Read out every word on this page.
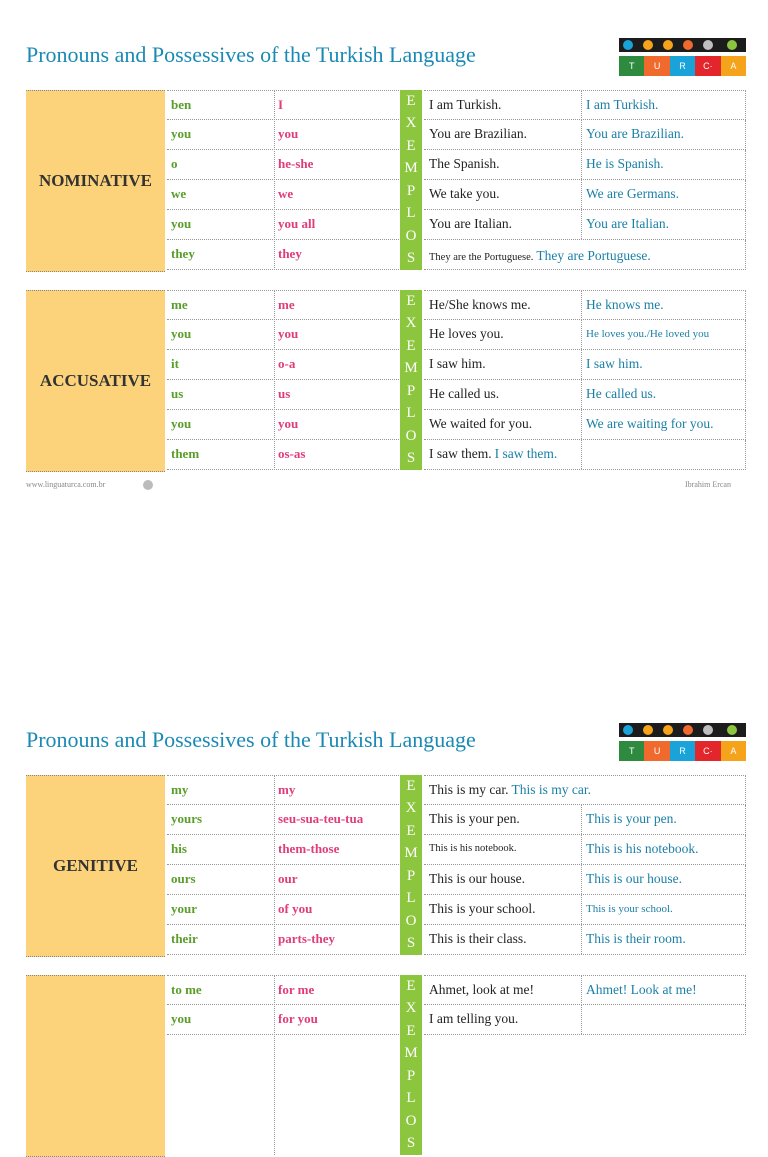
Pronouns and Possessives of the Turkish Language	T	U	R	C·	A
NOMINATIVE
ben	I
you	you
o	he-she
we	we
you	you all
they	they
E
X
E
M
P
L
O
S
I am Turkish.	I am Turkish.
You are Brazilian.	You are Brazilian.
The Spanish.	He is Spanish.
We take you.	We are Germans.
You are Italian.	You are Italian.
They are the Portuguese. They are Portuguese.
ACCUSATIVE
me	me
you	you
it	o-a
us	us
you	you
them	os-as
E
X
E
M
P
L
O
S
He/She knows me.	He knows me.
He loves you.	He loves you./He loved you
I saw him.	I saw him.
He called us.	He called us.
We waited for you.	We are waiting for you.
I saw them. I saw them.
www.linguaturca.com.br	Ibrahim Ercan
Pronouns and Possessives of the Turkish Language	T	U	R	C·	A
GENITIVE
my	my
yours	seu-sua-teu-tua
his	them-those
ours	our
your	of you
their	parts-they
E
X
E
M
P
L
O
S
This is my car. This is my car.
This is your pen.	This is your pen.
This is his notebook.	This is his notebook.
This is our house.	This is our house.
This is your school.	This is your school.
This is their class.	This is their room.
to me	for me
you	for you
E
X
E
M
P
L
O
S
Ahmet, look at me!	Ahmet! Look at me!
I am telling you.
